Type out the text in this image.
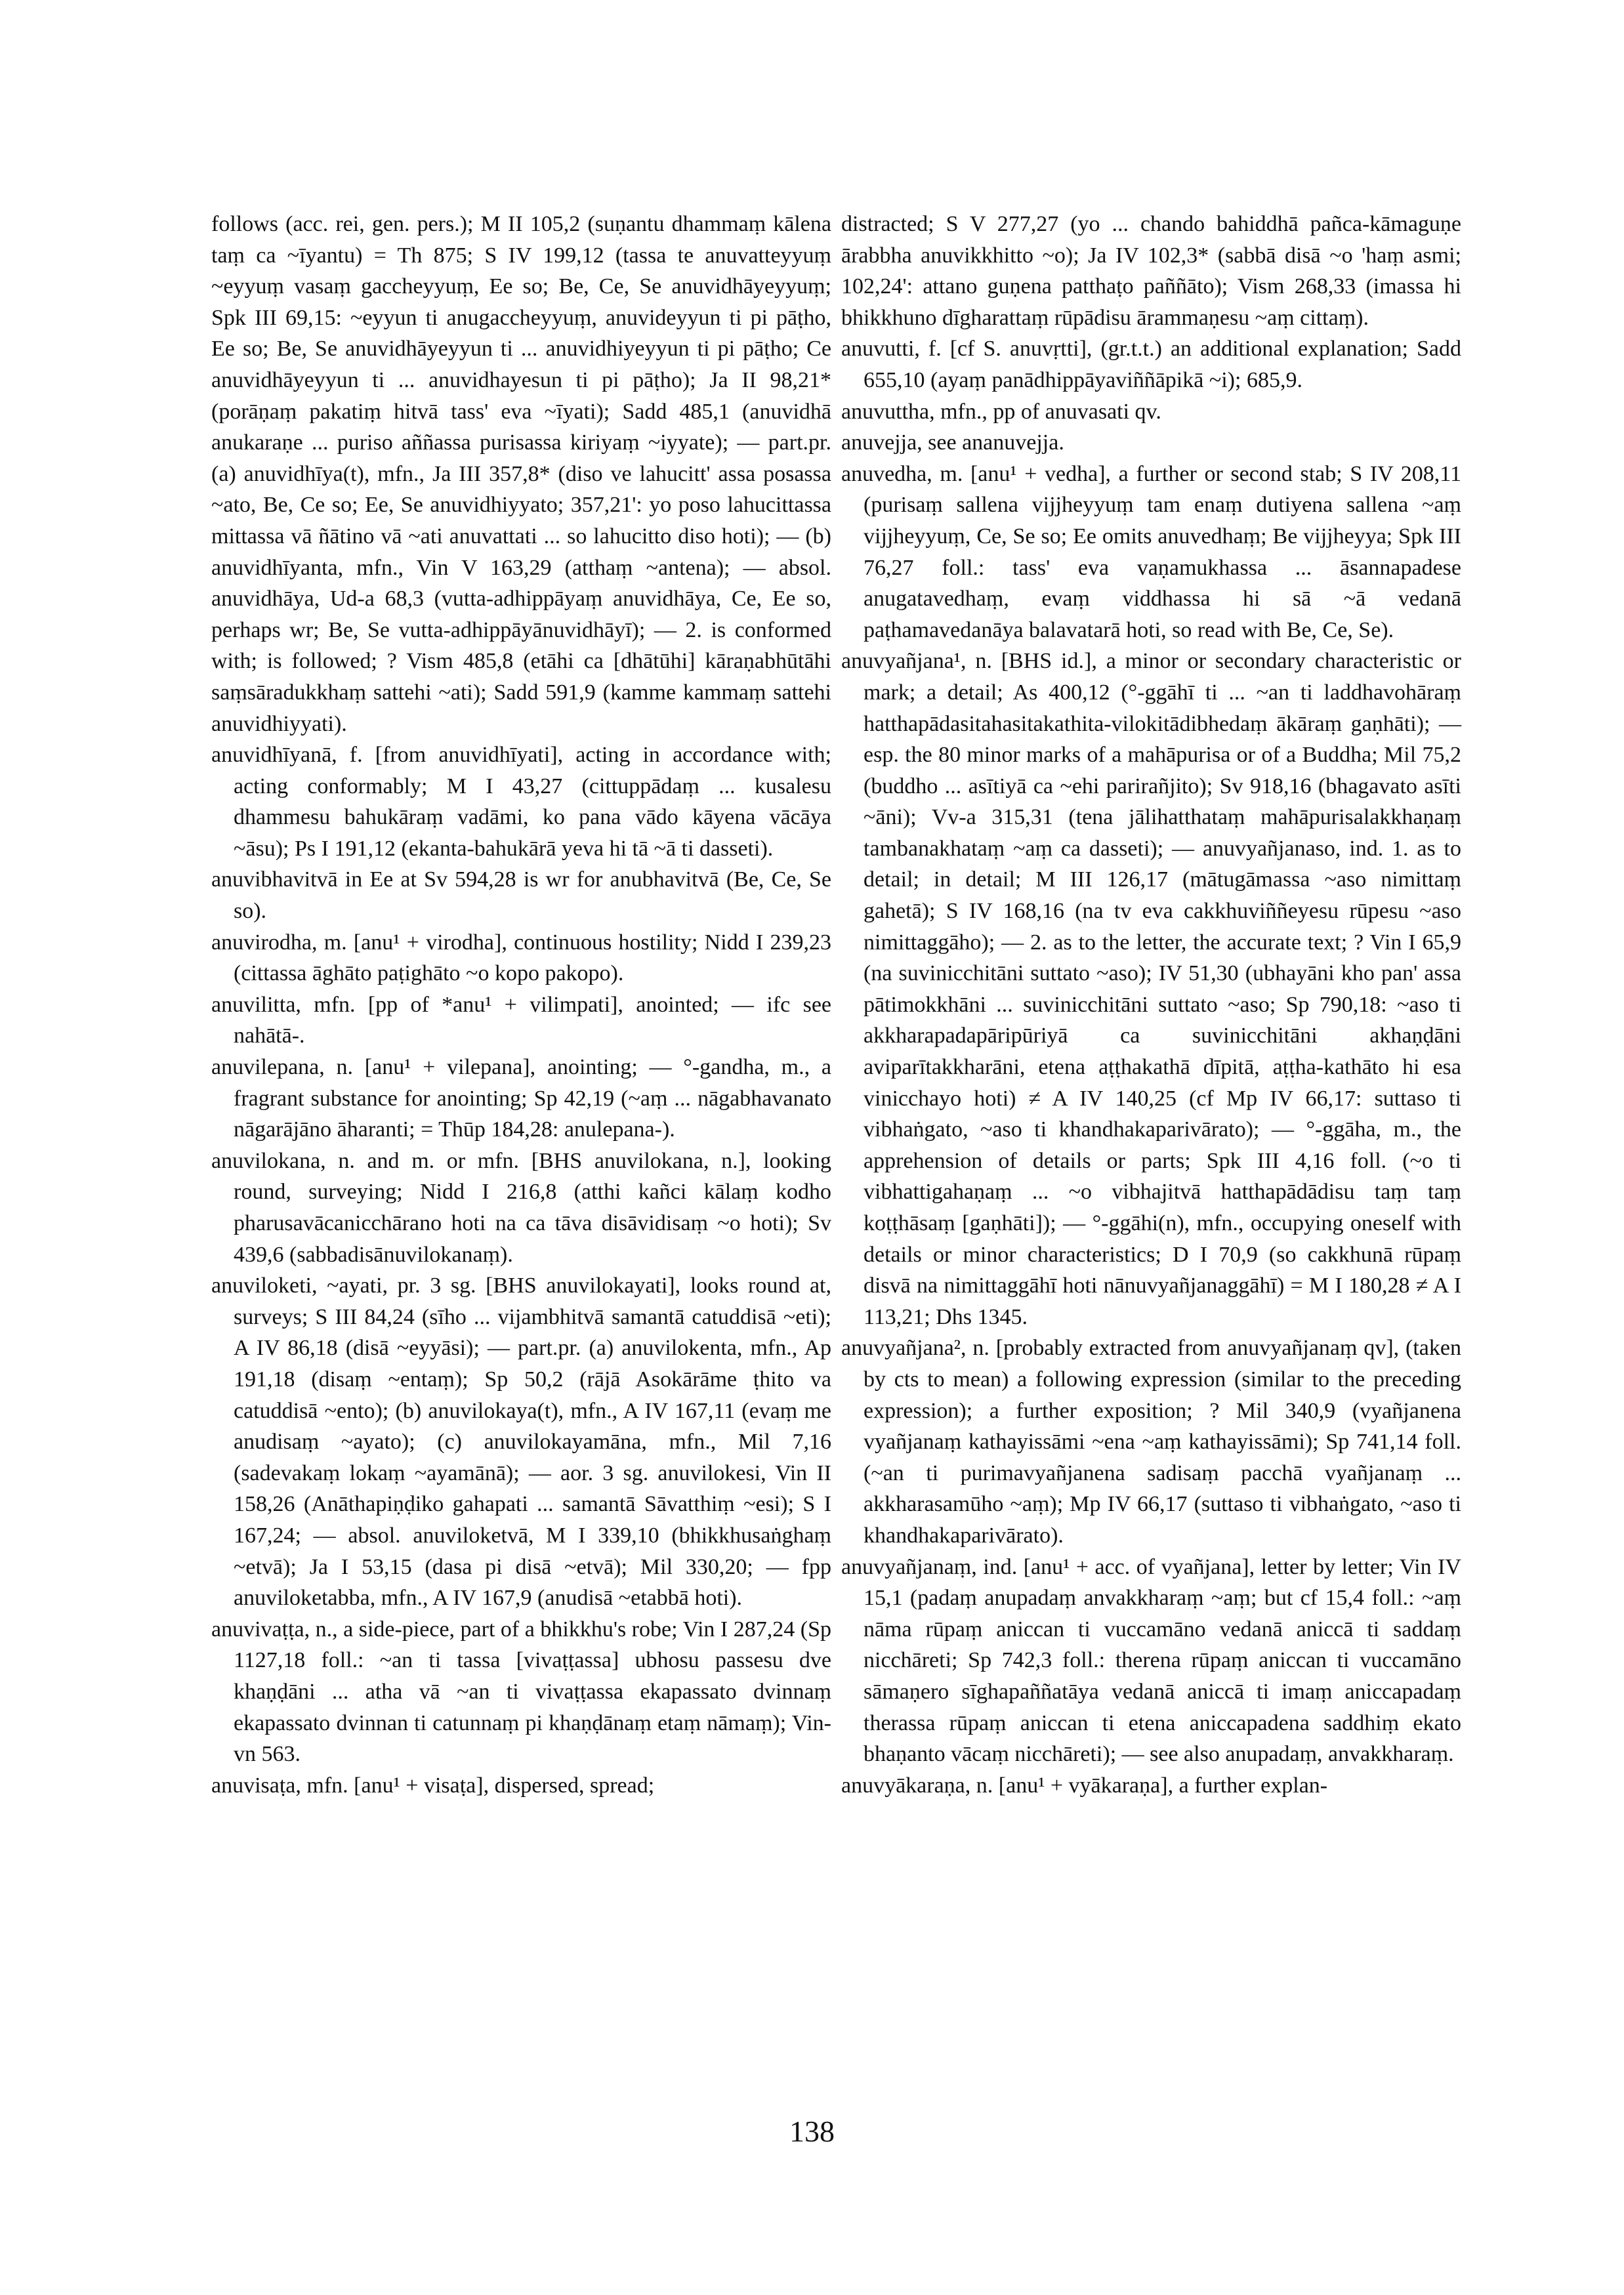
follows (acc. rei, gen. pers.); M II 105,2 (suṇantu dhammaṃ kālena taṃ ca ~īyantu) = Th 875; S IV 199,12 (tassa te anuvatteyyuṃ ~eyyuṃ vasaṃ gaccheyyuṃ, Ee so; Be, Ce, Se anuvidhāyeyyuṃ; Spk III 69,15: ~eyyun ti anugaccheyyuṃ, anuvideyyun ti pi pāṭho, Ee so; Be, Se anuvidhāyeyyun ti ... anuvidhiyeyyun ti pi pāṭho; Ce anuvidhāyeyyun ti ... anuvidhayesun ti pi pāṭho); Ja II 98,21* (porāṇaṃ pakatiṃ hitvā tass' eva ~īyati); Sadd 485,1 (anuvidhā anukaraṇe ... puriso aññassa purisassa kiriyaṃ ~iyyate); — part.pr. (a) anuvidhīya(t), mfn., Ja III 357,8* (diso ve lahucitt' assa posassa ~ato, Be, Ce so; Ee, Se anuvidhiyyato; 357,21': yo poso lahucittassa mittassa vā ñātino vā ~ati anuvattati ... so lahucitto diso hoti); — (b) anuvidhīyanta, mfn., Vin V 163,29 (atthaṃ ~antena); — absol. anuvidhāya, Ud-a 68,3 (vutta-adhippāyaṃ anuvidhāya, Ce, Ee so, perhaps wr; Be, Se vutta-adhippāyānuvidhāyī); — 2. is conformed with; is followed; ? Vism 485,8 (etāhi ca [dhātūhi] kāraṇabhūtāhi saṃsāradukkhaṃ sattehi ~ati); Sadd 591,9 (kamme kammaṃ sattehi anuvidhiyyati).

anuvidhīyanā, f. [from anuvidhīyati], acting in accordance with; acting conformably; M I 43,27 (cittuppādaṃ ... kusalesu dhammesu bahukāraṃ vadāmi, ko pana vādo kāyena vācāya ~āsu); Ps I 191,12 (ekanta-bahukārā yeva hi tā ~ā ti dasseti).

anuvibhavitvā in Ee at Sv 594,28 is wr for anubhavitvā (Be, Ce, Se so).

anuvirodha, m. [anu¹ + virodha], continuous hostility; Nidd I 239,23 (cittassa āghāto paṭighāto ~o kopo pakopo).

anuvilitta, mfn. [pp of *anu¹ + vilimpati], anointed; — ifc see nahātā-.

anuvilepana, n. [anu¹ + vilepana], anointing; — °-gandha, m., a fragrant substance for anointing; Sp 42,19 (~aṃ ... nāgabhavanato nāgarājāno āharanti; = Thūp 184,28: anulepana-).

anuvilokana, n. and m. or mfn. [BHS anuvilokana, n.], looking round, surveying; Nidd I 216,8 (atthi kañci kālaṃ kodho pharusavācanicchārano hoti na ca tāva disāvidisaṃ ~o hoti); Sv 439,6 (sabbadisānuvilokanaṃ).

anuviloketi, ~ayati, pr. 3 sg. [BHS anuvilokayati], looks round at, surveys; S III 84,24 (sīho ... vijambhitvā samantā catuddisā ~eti); A IV 86,18 (disā ~eyyāsi); — part.pr. (a) anuvilokenta, mfn., Ap 191,18 (disaṃ ~entaṃ); Sp 50,2 (rājā Asokārāme ṭhito va catuddisā ~ento); (b) anuvilokaya(t), mfn., A IV 167,11 (evaṃ me anudisaṃ ~ayato); (c) anuvilokayamāna, mfn., Mil 7,16 (sadevakaṃ lokaṃ ~ayamānā); — aor. 3 sg. anuvilokesi, Vin II 158,26 (Anāthapiṇḍiko gahapati ... samantā Sāvatthiṃ ~esi); S I 167,24; — absol. anuviloketvā, M I 339,10 (bhikkhusaṅghaṃ ~etvā); Ja I 53,15 (dasa pi disā ~etvā); Mil 330,20; — fpp anuviloketabba, mfn., A IV 167,9 (anudisā ~etabbā hoti).

anuvivaṭṭa, n., a side-piece, part of a bhikkhu's robe; Vin I 287,24 (Sp 1127,18 foll.: ~an ti tassa [vivaṭṭassa] ubhosu passesu dve khaṇḍāni ... atha vā ~an ti vivaṭṭassa ekapassato dvinnaṃ ekapassato dvinnan ti catunnaṃ pi khaṇḍānaṃ etaṃ nāmaṃ); Vin-vn 563.

anuvisaṭa, mfn. [anu¹ + visaṭa], dispersed, spread;

distracted; S V 277,27 (yo ... chando bahiddhā pañca-kāmaguṇe ārabbha anuvikkhitto ~o); Ja IV 102,3* (sabbā disā ~o 'haṃ asmi; 102,24': attano guṇena patthaṭo paññāto); Vism 268,33 (imassa hi bhikkhuno dīgharattaṃ rūpādisu ārammaṇesu ~aṃ cittaṃ).

anuvutti, f. [cf S. anuvṛtti], (gr.t.t.) an additional explanation; Sadd 655,10 (ayaṃ panādhippāyaviññāpikā ~i); 685,9.

anuvuttha, mfn., pp of anuvasati qv.

anuvejja, see ananuvejja.

anuvedha, m. [anu¹ + vedha], a further or second stab; S IV 208,11 (purisaṃ sallena vijjheyyuṃ tam enaṃ dutiyena sallena ~aṃ vijjheyyuṃ, Ce, Se so; Ee omits anuvedhaṃ; Be vijjheyya; Spk III 76,27 foll.: tass' eva vaṇamukhassa ... āsannapadese anugatavedhaṃ, evaṃ viddhassa hi sā ~ā vedanā paṭhamavedanāya balavatarā hoti, so read with Be, Ce, Se).

anuvyañjana¹, n. [BHS id.], a minor or secondary characteristic or mark; a detail; As 400,12 (°-ggāhī ti ... ~an ti laddhavohāraṃ hatthapādasitahasitakathita-vilokitādibhedaṃ ākāraṃ gaṇhāti); — esp. the 80 minor marks of a mahāpurisa or of a Buddha; Mil 75,2 (buddho ... asītiyā ca ~ehi parirañjito); Sv 918,16 (bhagavato asīti ~āni); Vv-a 315,31 (tena jālihatthataṃ mahāpurisalakkhaṇaṃ tambanakhataṃ ~aṃ ca dasseti); — anuvyañjanaso, ind. 1. as to detail; in detail; M III 126,17 (mātugāmassa ~aso nimittaṃ gahetā); S IV 168,16 (na tv eva cakkhuviññeyesu rūpesu ~aso nimittaggāho); — 2. as to the letter, the accurate text; ? Vin I 65,9 (na suvinicchitāni suttato ~aso); IV 51,30 (ubhayāni kho pan' assa pātimokkhāni ... suvinicchitāni suttato ~aso; Sp 790,18: ~aso ti akkharapadapāripūriyā ca suvinicchitāni akhaṇḍāni aviparītakkharāni, etena aṭṭhakathā dīpitā, aṭṭha-kathāto hi esa vinicchayo hoti) ≠ A IV 140,25 (cf Mp IV 66,17: suttaso ti vibhaṅgato, ~aso ti khandhakaparivārato); — °-ggāha, m., the apprehension of details or parts; Spk III 4,16 foll. (~o ti vibhattigahaṇaṃ ... ~o vibhajitvā hatthapādādisu taṃ taṃ koṭṭhāsaṃ [gaṇhāti]); — °-ggāhi(n), mfn., occupying oneself with details or minor characteristics; D I 70,9 (so cakkhunā rūpaṃ disvā na nimittaggāhī hoti nānuvyañjanaggāhī) = M I 180,28 ≠ A I 113,21; Dhs 1345.

anuvyañjana², n. [probably extracted from anuvyañjanaṃ qv], (taken by cts to mean) a following expression (similar to the preceding expression); a further exposition; ? Mil 340,9 (vyañjanena vyañjanaṃ kathayissāmi ~ena ~aṃ kathayissāmi); Sp 741,14 foll. (~an ti purimavyañjanena sadisaṃ pacchā vyañjanaṃ ... akkharasamūho ~aṃ); Mp IV 66,17 (suttaso ti vibhaṅgato, ~aso ti khandhakaparivārato).

anuvyañjanaṃ, ind. [anu¹ + acc. of vyañjana], letter by letter; Vin IV 15,1 (padaṃ anupadaṃ anvakkharaṃ ~aṃ; but cf 15,4 foll.: ~aṃ nāma rūpaṃ aniccan ti vuccamāno vedanā aniccā ti saddaṃ nicchāreti; Sp 742,3 foll.: therena rūpaṃ aniccan ti vuccamāno sāmaṇero sīghapaññatāya vedanā aniccā ti imaṃ aniccapadaṃ therassa rūpaṃ aniccan ti etena aniccapadena saddhiṃ ekato bhaṇanto vācaṃ nicchāreti); — see also anupadaṃ, anvakkharaṃ.

anuvyākaraṇa, n. [anu¹ + vyākaraṇa], a further explan-

138
